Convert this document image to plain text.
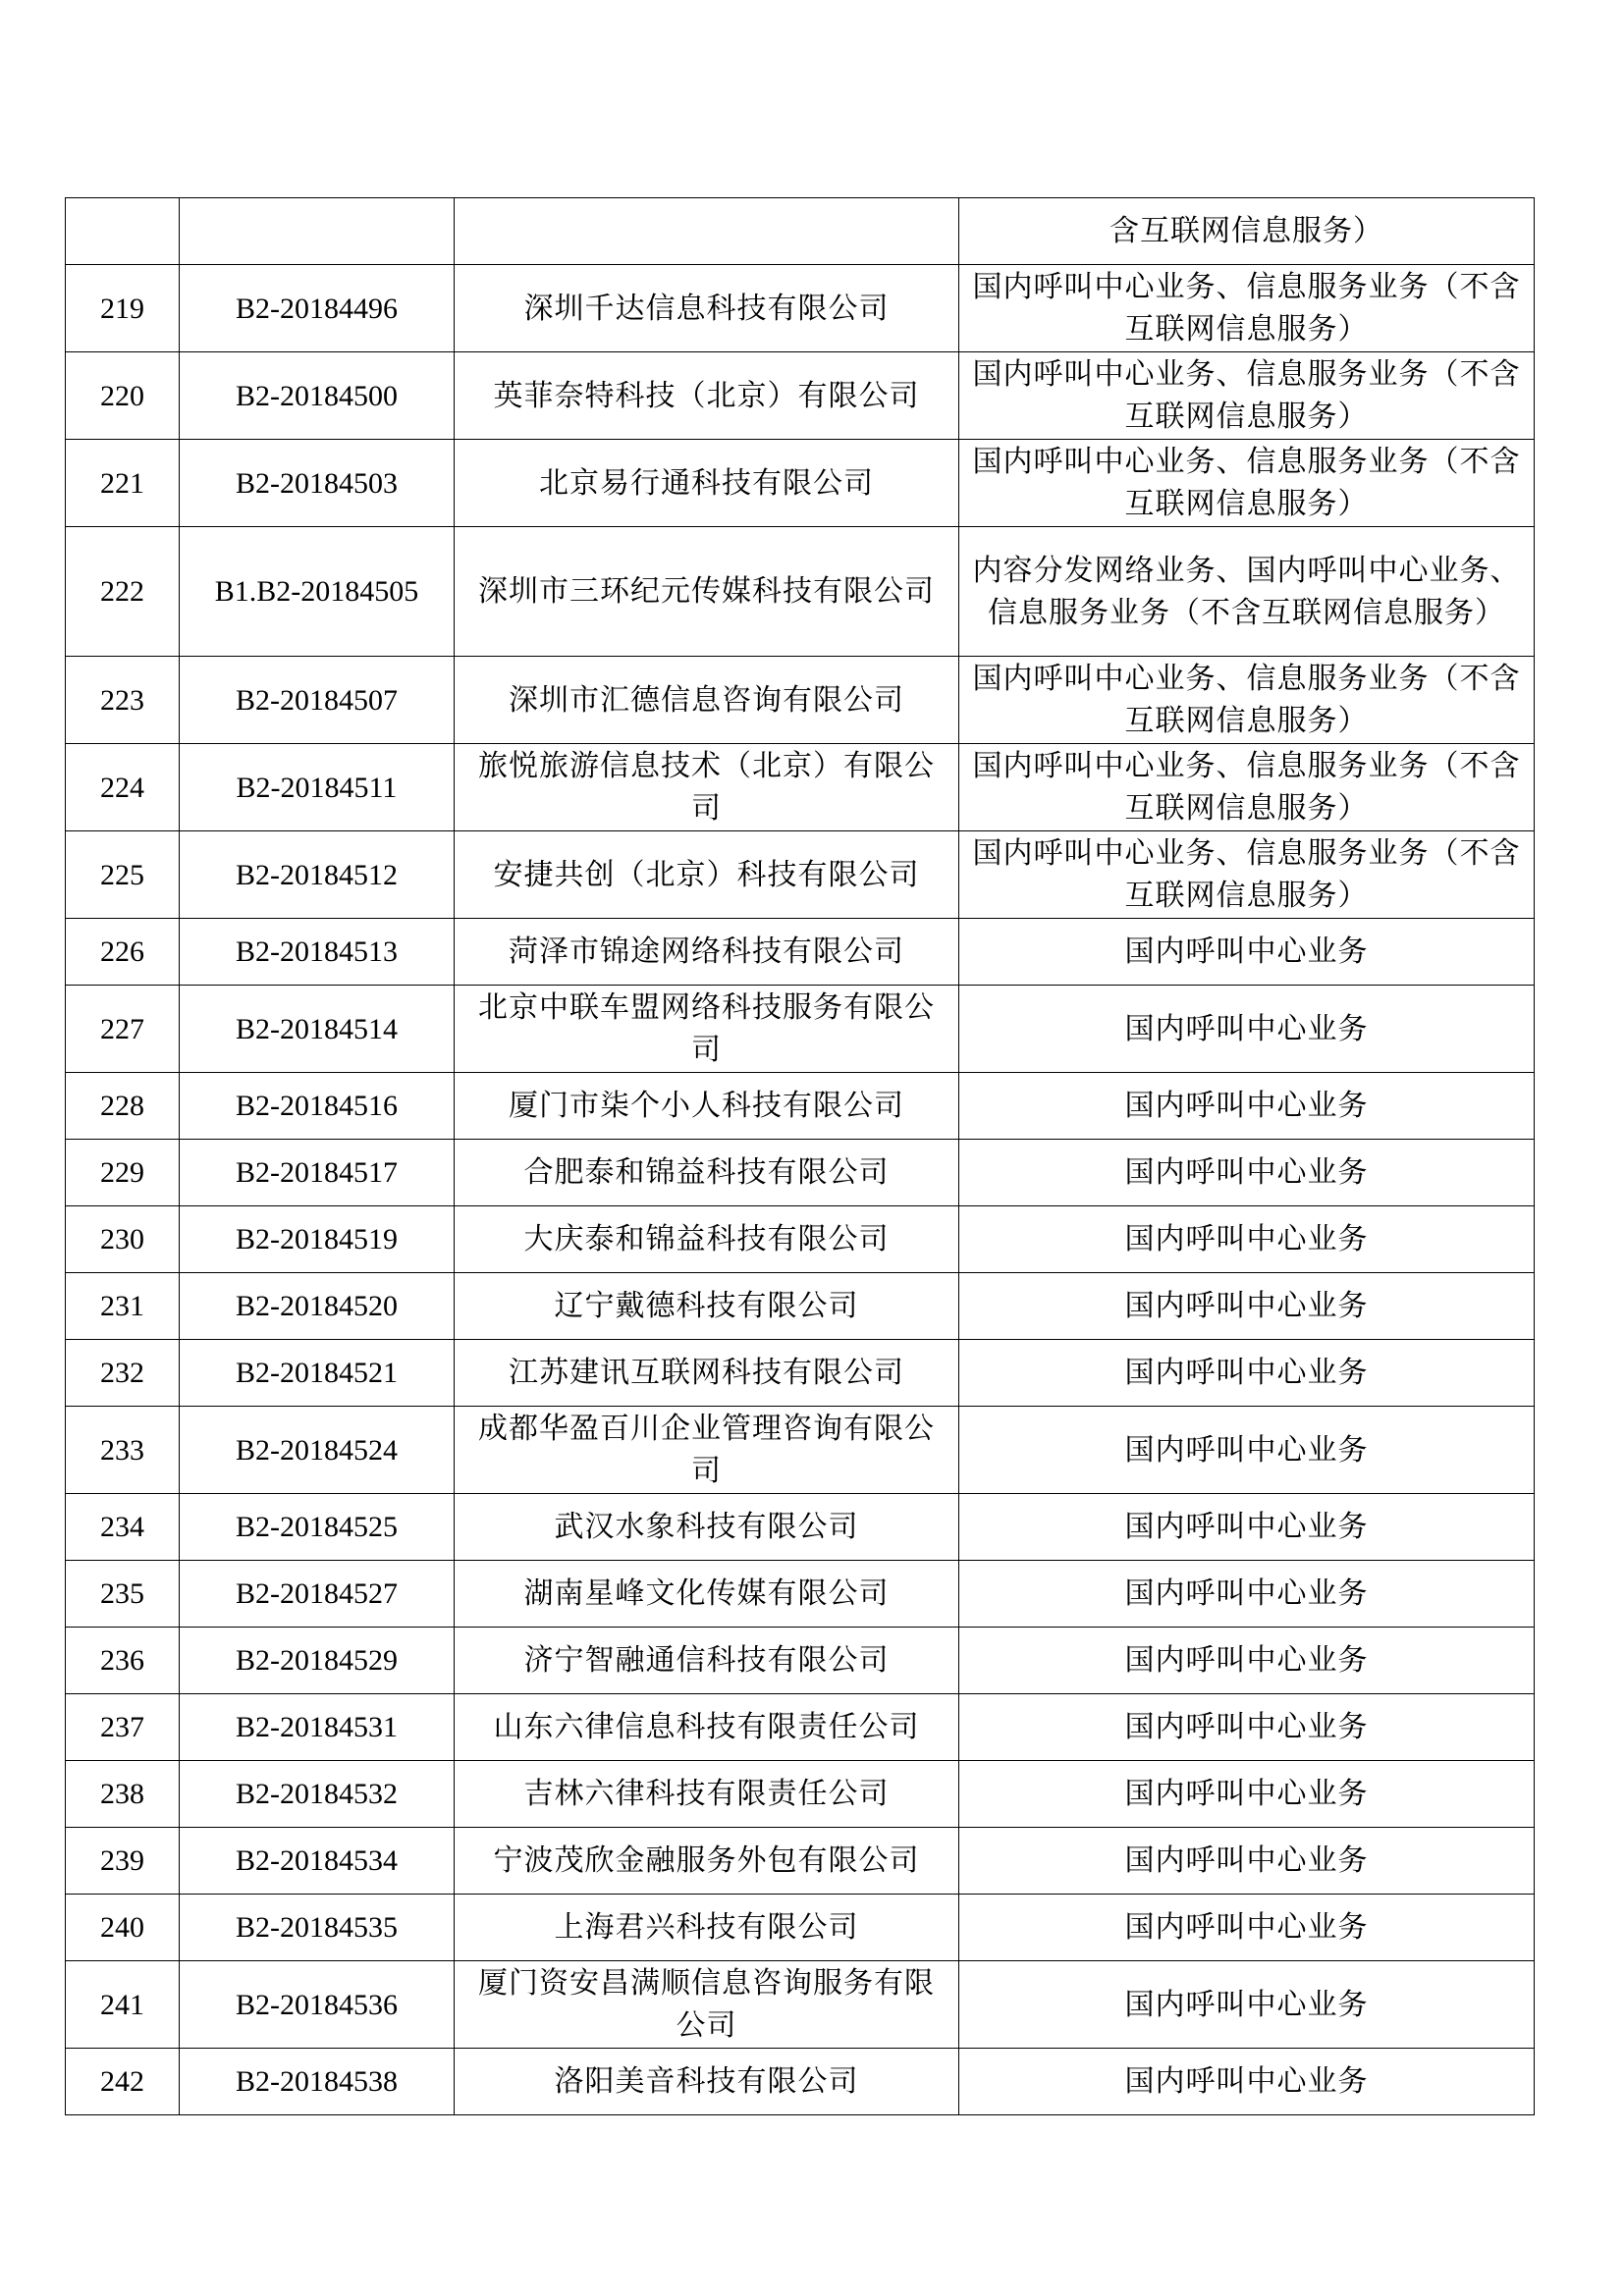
			含互联网信息服务）
219	B2-20184496	深圳千达信息科技有限公司	国内呼叫中心业务、信息服务业务（不含互联网信息服务）
220	B2-20184500	英菲奈特科技（北京）有限公司	国内呼叫中心业务、信息服务业务（不含互联网信息服务）
221	B2-20184503	北京易行通科技有限公司	国内呼叫中心业务、信息服务业务（不含互联网信息服务）
222	B1.B2-20184505	深圳市三环纪元传媒科技有限公司	内容分发网络业务、国内呼叫中心业务、信息服务业务（不含互联网信息服务）
223	B2-20184507	深圳市汇德信息咨询有限公司	国内呼叫中心业务、信息服务业务（不含互联网信息服务）
224	B2-20184511	旅悦旅游信息技术（北京）有限公司	国内呼叫中心业务、信息服务业务（不含互联网信息服务）
225	B2-20184512	安捷共创（北京）科技有限公司	国内呼叫中心业务、信息服务业务（不含互联网信息服务）
226	B2-20184513	菏泽市锦途网络科技有限公司	国内呼叫中心业务
227	B2-20184514	北京中联车盟网络科技服务有限公司	国内呼叫中心业务
228	B2-20184516	厦门市柒个小人科技有限公司	国内呼叫中心业务
229	B2-20184517	合肥泰和锦益科技有限公司	国内呼叫中心业务
230	B2-20184519	大庆泰和锦益科技有限公司	国内呼叫中心业务
231	B2-20184520	辽宁戴德科技有限公司	国内呼叫中心业务
232	B2-20184521	江苏建讯互联网科技有限公司	国内呼叫中心业务
233	B2-20184524	成都华盈百川企业管理咨询有限公司	国内呼叫中心业务
234	B2-20184525	武汉水象科技有限公司	国内呼叫中心业务
235	B2-20184527	湖南星峰文化传媒有限公司	国内呼叫中心业务
236	B2-20184529	济宁智融通信科技有限公司	国内呼叫中心业务
237	B2-20184531	山东六律信息科技有限责任公司	国内呼叫中心业务
238	B2-20184532	吉林六律科技有限责任公司	国内呼叫中心业务
239	B2-20184534	宁波茂欣金融服务外包有限公司	国内呼叫中心业务
240	B2-20184535	上海君兴科技有限公司	国内呼叫中心业务
241	B2-20184536	厦门资安昌满顺信息咨询服务有限公司	国内呼叫中心业务
242	B2-20184538	洛阳美音科技有限公司	国内呼叫中心业务
